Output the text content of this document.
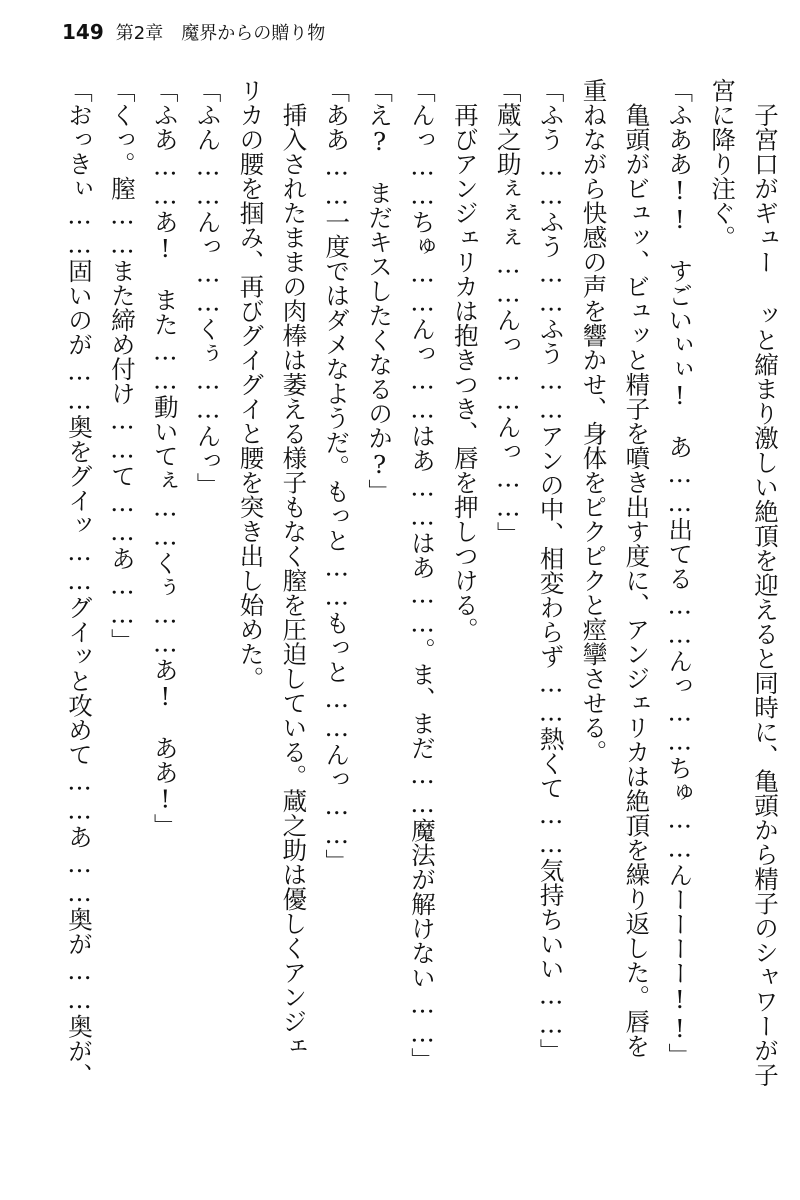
149 第2章　魔界からの贈り物
　子宮口がギュー ッと縮まり激しい絶頂を迎えると同時に、亀頭から精子のシャワーが子
宮に降り注ぐ。
「ふああ!!　すごいぃぃ!　あ……出てる……んっ……ちゅ……んーーーー!!」
　亀頭がビュッ、ビュッと精子を噴き出す度に、アンジェリカは絶頂を繰り返した。唇を
重ねながら快感の声を響かせ、身体をピクピクと痙攣させる。
「ふう……ふう……ふう……アンの中、相変わらず……熱くて……気持ちいい……」
「蔵之助ぇぇぇ……んっ……んっ……」
　再びアンジェリカは抱きつき、唇を押しつける。
「んっ……ちゅ……んっ……はあ……はあ……。ま、まだ……魔法が解けない……」
「え?　まだキスしたくなるのか?」
「ああ……一度ではダメなようだ。もっと……もっと……んっ……」
　挿入されたままの肉棒は萎える様子もなく膣を圧迫している。蔵之助は優しくアンジェ
リカの腰を掴み、再びグイグイと腰を突き出し始めた。
「ふん……んっ……くぅ……んっ」
「ふあ……あ!　また……動いてぇ……くぅ……あ!　ああ!」
「くっ。膣……また締め付け……て……あ……」
「おっきぃ……固いのが……奥をグイッ……グイッと攻めて……あ……奥が……奥が、
